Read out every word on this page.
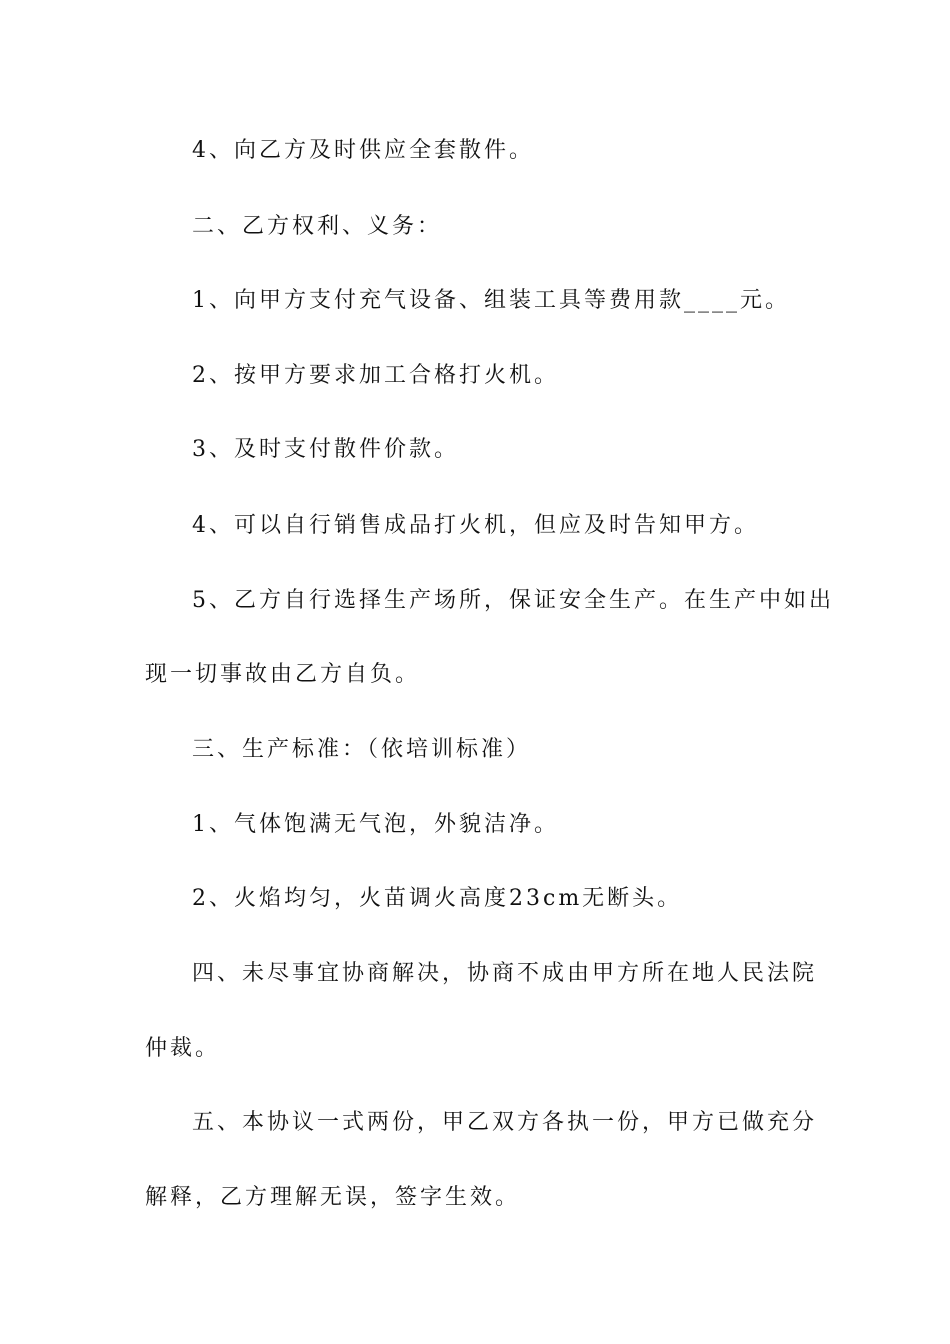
4、向乙方及时供应全套散件。
二、乙方权利、义务：
1、向甲方支付充气设备、组装工具等费用款____元。
2、按甲方要求加工合格打火机。
3、及时支付散件价款。
4、可以自行销售成品打火机，但应及时告知甲方。
5、乙方自行选择生产场所，保证安全生产。在生产中如出
现一切事故由乙方自负。
三、生产标准：（依培训标准）
1、气体饱满无气泡，外貌洁净。
2、火焰均匀，火苗调火高度23cm无断头。
四、未尽事宜协商解决，协商不成由甲方所在地人民法院
仲裁。
五、本协议一式两份，甲乙双方各执一份，甲方已做充分
解释，乙方理解无误，签字生效。
